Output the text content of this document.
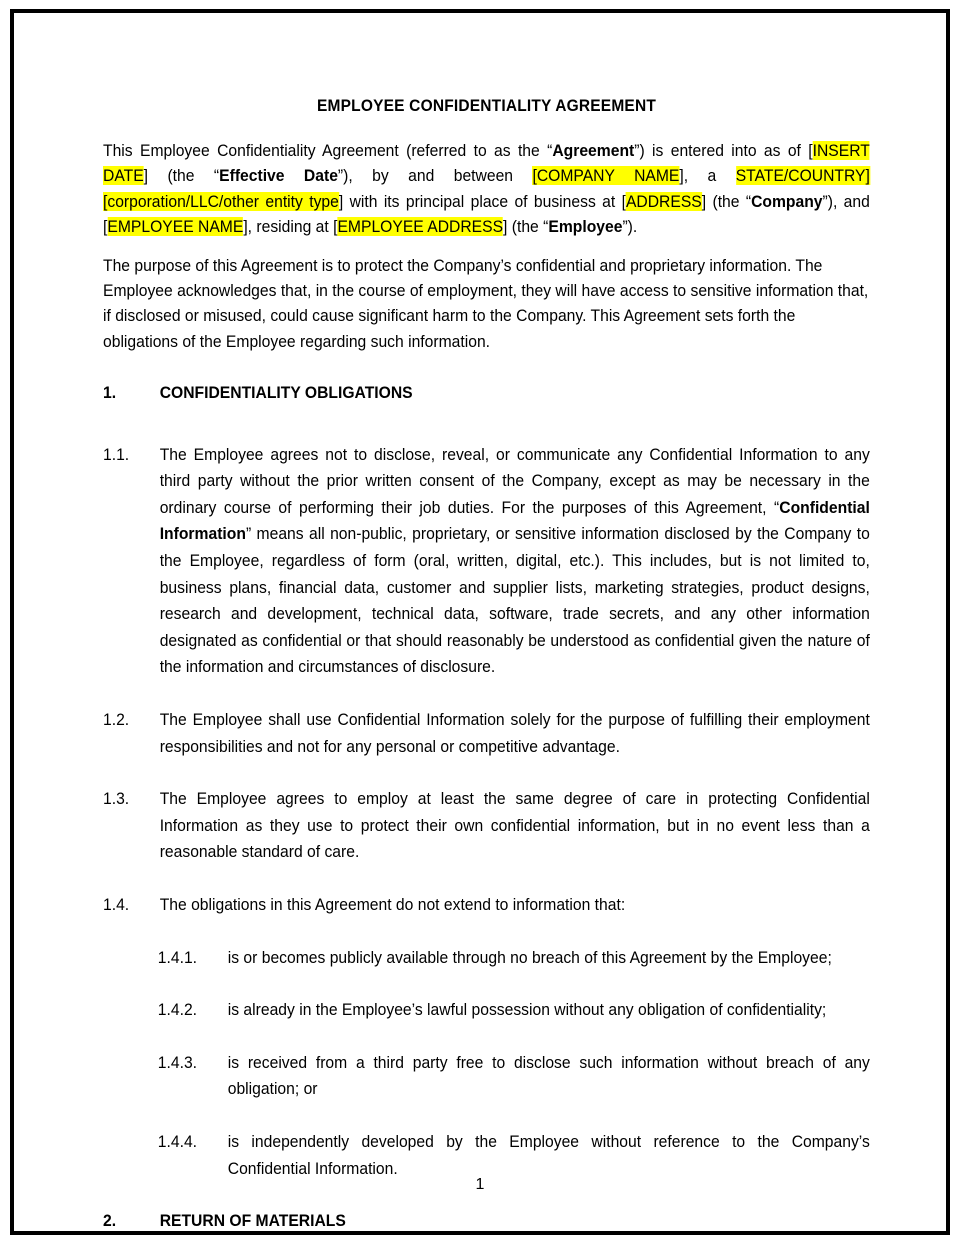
EMPLOYEE CONFIDENTIALITY AGREEMENT

This Employee Confidentiality Agreement (referred to as the “Agreement”) is entered into as of [INSERT DATE] (the “Effective Date”), by and between [COMPANY NAME], a STATE/COUNTRY] [corporation/LLC/other entity type] with its principal place of business at [ADDRESS] (the “Company”), and [EMPLOYEE NAME], residing at [EMPLOYEE ADDRESS] (the “Employee”).

The purpose of this Agreement is to protect the Company’s confidential and proprietary information. The Employee acknowledges that, in the course of employment, they will have access to sensitive information that, if disclosed or misused, could cause significant harm to the Company. This Agreement sets forth the obligations of the Employee regarding such information.

1.	CONFIDENTIALITY OBLIGATIONS
1.1.	The Employee agrees not to disclose, reveal, or communicate any Confidential Information to any third party without the prior written consent of the Company, except as may be necessary in the ordinary course of performing their job duties. For the purposes of this Agreement, “Confidential Information” means all non-public, proprietary, or sensitive information disclosed by the Company to the Employee, regardless of form (oral, written, digital, etc.). This includes, but is not limited to, business plans, financial data, customer and supplier lists, marketing strategies, product designs, research and development, technical data, software, trade secrets, and any other information designated as confidential or that should reasonably be understood as confidential given the nature of the information and circumstances of disclosure.
1.2.	The Employee shall use Confidential Information solely for the purpose of fulfilling their employment responsibilities and not for any personal or competitive advantage.
1.3.	The Employee agrees to employ at least the same degree of care in protecting Confidential Information as they use to protect their own confidential information, but in no event less than a reasonable standard of care.
1.4.	The obligations in this Agreement do not extend to information that:
1.4.1.	is or becomes publicly available through no breach of this Agreement by the Employee;
1.4.2.	is already in the Employee’s lawful possession without any obligation of confidentiality;
1.4.3.	is received from a third party free to disclose such information without breach of any obligation; or
1.4.4.	is independently developed by the Employee without reference to the Company’s Confidential Information.
2.	RETURN OF MATERIALS
1
